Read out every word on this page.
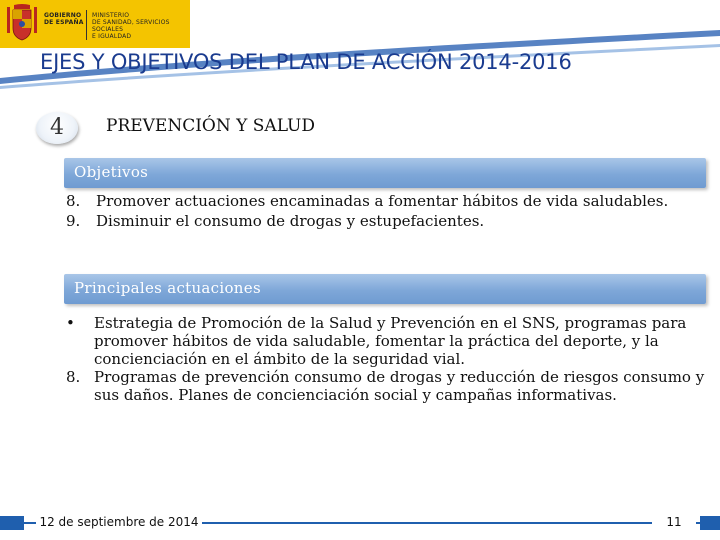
GOBIERNO
DE ESPAÑA
MINISTERIO
DE SANIDAD, SERVICIOS SOCIALES
E IGUALDAD
EJES Y OBJETIVOS DEL PLAN DE ACCIÓN 2014-2016
4	PREVENCIÓN Y SALUD
Objetivos
8. Promover actuaciones encaminadas a fomentar hábitos de vida saludables.
9. Disminuir el consumo de drogas y estupefacientes.
Principales actuaciones
• Estrategia de Promoción de la Salud y Prevención en el SNS, programas para promover hábitos de vida saludable, fomentar la práctica del deporte, y la concienciación en el ámbito de la seguridad vial.
8. Programas de prevención consumo de drogas y reducción de riesgos consumo y sus daños. Planes de concienciación social y campañas informativas.
12 de septiembre de 2014	11
